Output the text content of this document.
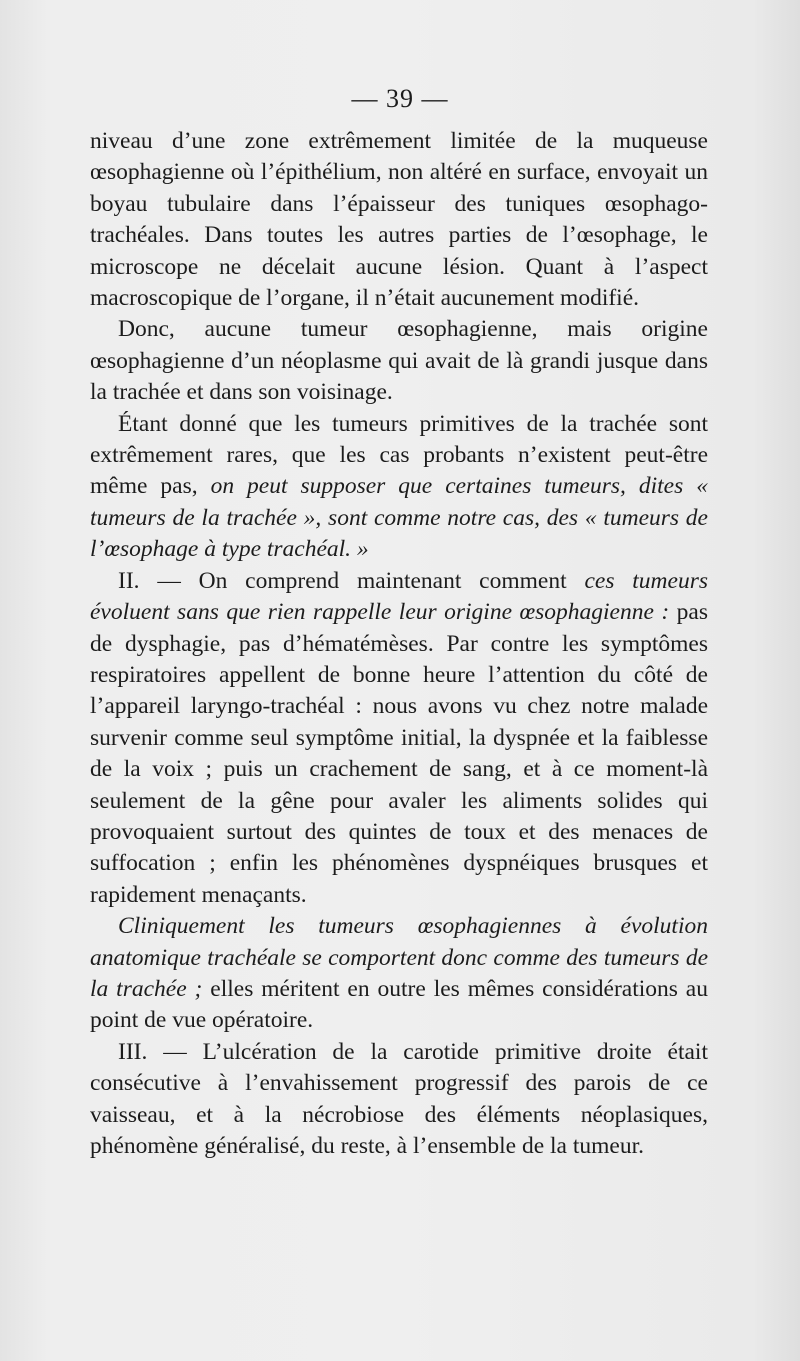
— 39 —

niveau d’une zone extrêmement limitée de la muqueuse œsophagienne où l’épithélium, non altéré en surface, envoyait un boyau tubulaire dans l’épaisseur des tuniques œsophago-trachéales. Dans toutes les autres parties de l’œsophage, le microscope ne décelait aucune lésion. Quant à l’aspect macroscopique de l’organe, il n’était aucunement modifié.

Donc, aucune tumeur œsophagienne, mais origine œsophagienne d’un néoplasme qui avait de là grandi jusque dans la trachée et dans son voisinage.

Étant donné que les tumeurs primitives de la trachée sont extrêmement rares, que les cas probants n’existent peut-être même pas, on peut supposer que certaines tumeurs, dites « tumeurs de la trachée », sont comme notre cas, des « tumeurs de l’œsophage à type trachéal. »

II. — On comprend maintenant comment ces tumeurs évoluent sans que rien rappelle leur origine œsophagienne : pas de dysphagie, pas d’hématémèses. Par contre les symptômes respiratoires appellent de bonne heure l’attention du côté de l’appareil laryngo-trachéal : nous avons vu chez notre malade survenir comme seul symptôme initial, la dyspnée et la faiblesse de la voix ; puis un crachement de sang, et à ce moment-là seulement de la gêne pour avaler les aliments solides qui provoquaient surtout des quintes de toux et des menaces de suffocation ; enfin les phénomènes dyspnéiques brusques et rapidement menaçants.

Cliniquement les tumeurs œsophagiennes à évolution anatomique trachéale se comportent donc comme des tumeurs de la trachée ; elles méritent en outre les mêmes considérations au point de vue opératoire.

III. — L’ulcération de la carotide primitive droite était consécutive à l’envahissement progressif des parois de ce vaisseau, et à la nécrobiose des éléments néoplasiques, phénomène généralisé, du reste, à l’ensemble de la tumeur.
